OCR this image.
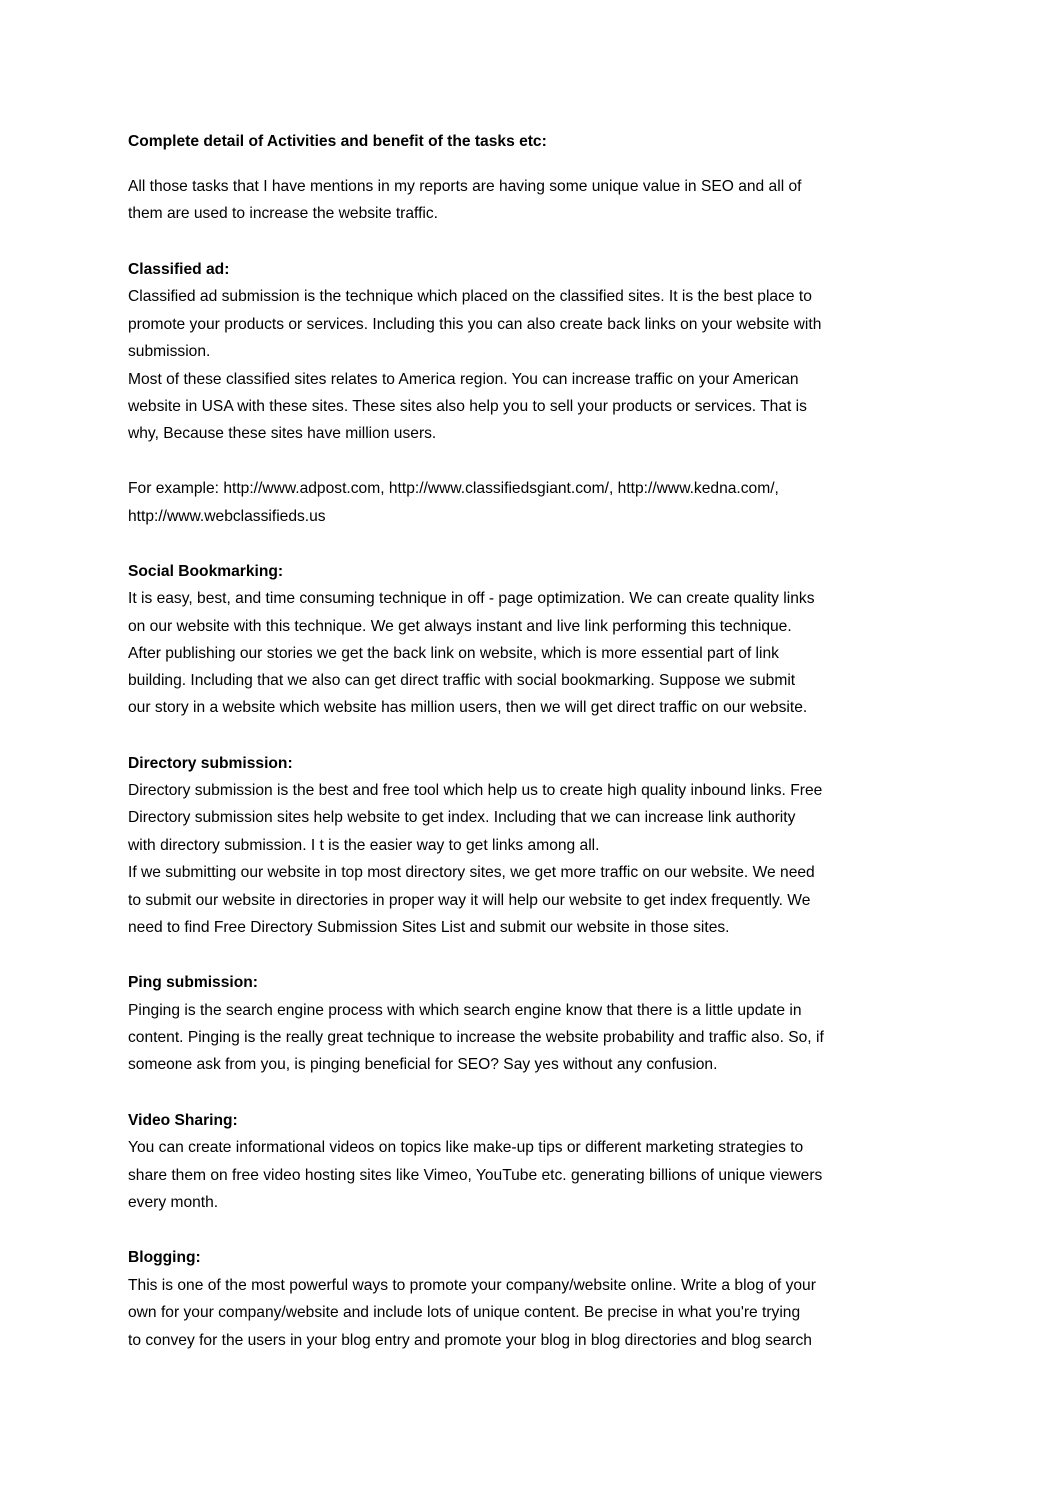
Complete detail of Activities and benefit of the tasks etc:
All those tasks that I have mentions in my reports are having some unique value in SEO and all of
them are used to increase the website traffic.
Classified ad:
Classified ad submission is the technique which placed on the classified sites. It is the best place to
promote your products or services. Including this you can also create back links on your website with
submission.
Most of these classified sites relates to America region. You can increase traffic on your American
website in USA with these sites. These sites also help you to sell your products or services. That is
why, Because these sites have million users.
For example: http://www.adpost.com, http://www.classifiedsgiant.com/, http://www.kedna.com/,
http://www.webclassifieds.us
Social Bookmarking:
It is easy, best, and time consuming technique in off - page optimization. We can create quality links
on our website with this technique. We get always instant and live link performing this technique.
After publishing our stories we get the back link on website, which is more essential part of link
building. Including that we also can get direct traffic with social bookmarking. Suppose we submit
our story in a website which website has million users, then we will get direct traffic on our website.
Directory submission:
Directory submission is the best and free tool which help us to create high quality inbound links. Free
Directory submission sites help website to get index. Including that we can increase link authority
with directory submission. I t is the easier way to get links among all.
If we submitting our website in top most directory sites, we get more traffic on our website. We need
to submit our website in directories in proper way it will help our website to get index frequently. We
need to find Free Directory Submission Sites List and submit our website in those sites.
Ping submission:
Pinging is the search engine process with which search engine know that there is a little update in
content. Pinging is the really great technique to increase the website probability and traffic also. So, if
someone ask from you, is pinging beneficial for SEO? Say yes without any confusion.
Video Sharing:
You can create informational videos on topics like make-up tips or different marketing strategies to
share them on free video hosting sites like Vimeo, YouTube etc. generating billions of unique viewers
every month.
Blogging:
This is one of the most powerful ways to promote your company/website online. Write a blog of your
own for your company/website and include lots of unique content. Be precise in what you're trying
to convey for the users in your blog entry and promote your blog in blog directories and blog search
